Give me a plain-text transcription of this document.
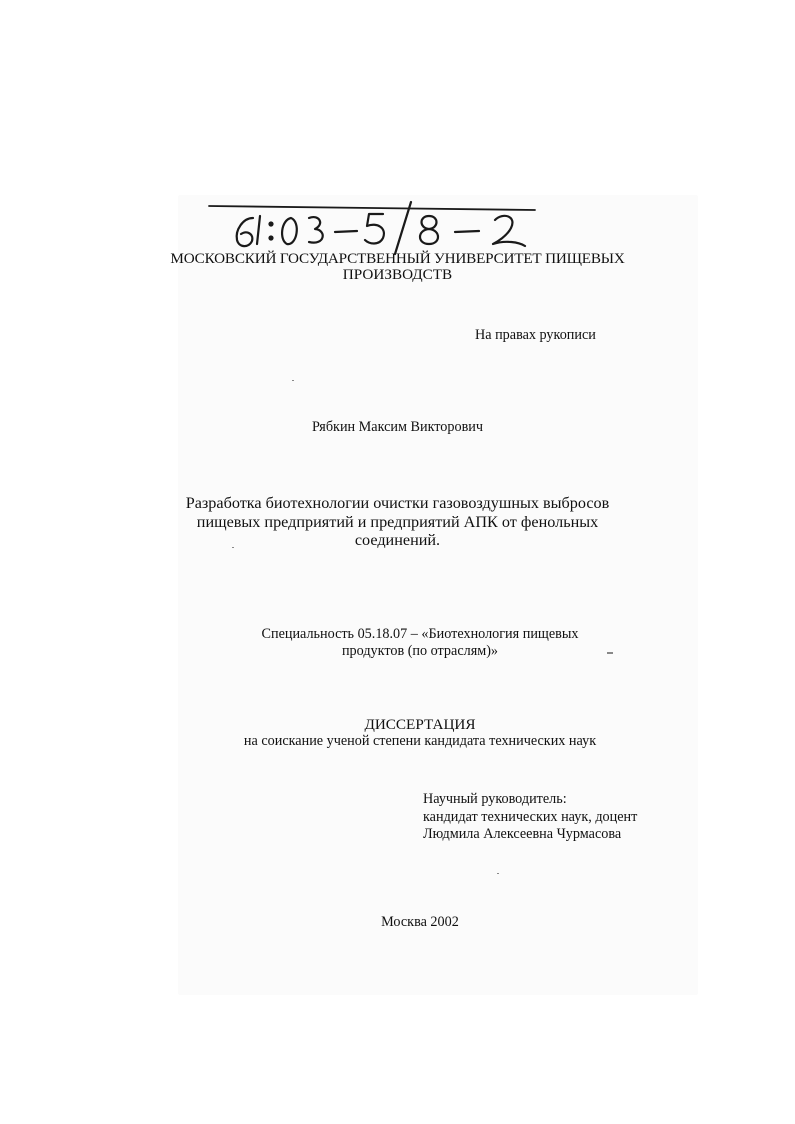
МОСКОВСКИЙ ГОСУДАРСТВЕННЫЙ УНИВЕРСИТЕТ ПИЩЕВЫХ
ПРОИЗВОДСТВ
На правах рукописи
Рябкин Максим Викторович
Разработка биотехнологии очистки газовоздушных выбросов
пищевых предприятий и предприятий АПК от фенольных
соединений.
Специальность 05.18.07 – «Биотехнология пищевых
продуктов (по отраслям)»
ДИССЕРТАЦИЯ
на соискание ученой степени кандидата технических наук
Научный руководитель:
кандидат технических наук, доцент
Людмила Алексеевна Чурмасова
Москва 2002
